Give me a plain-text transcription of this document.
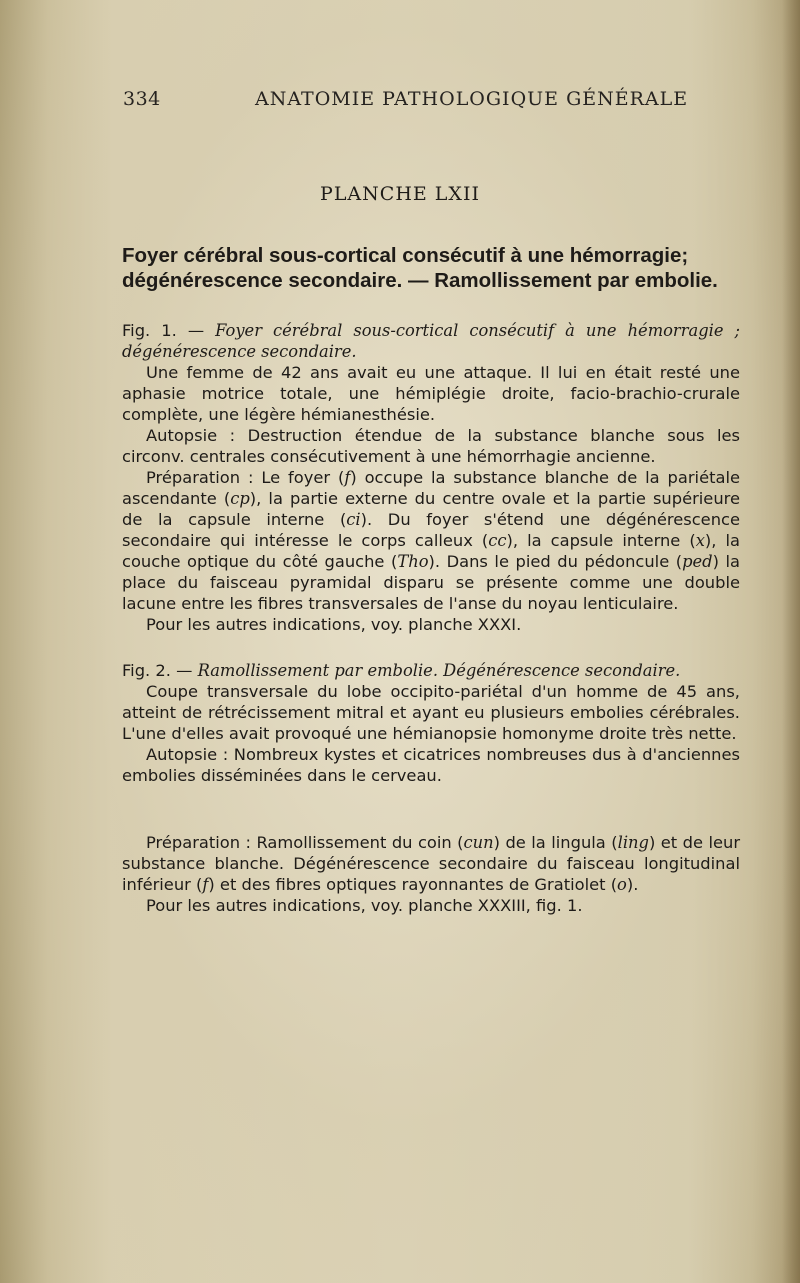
334	ANATOMIE PATHOLOGIQUE GÉNÉRALE
PLANCHE LXII
Foyer cérébral sous-cortical consécutif à une hémorragie;
dégénérescence secondaire. — Ramollissement par embolie.

Fig. 1. — Foyer cérébral sous-cortical consécutif à une hémorragie ; dégénérescence secondaire.

Une femme de 42 ans avait eu une attaque. Il lui en était resté une aphasie motrice totale, une hémiplégie droite, facio-brachio-crurale complète, une légère hémianesthésie.

Autopsie : Destruction étendue de la substance blanche sous les circonv. centrales consécutivement à une hémorrhagie ancienne.

Préparation : Le foyer (f) occupe la substance blanche de la pariétale ascendante (cp), la partie externe du centre ovale et la partie supérieure de la capsule interne (ci). Du foyer s'étend une dégénérescence secondaire qui intéresse le corps calleux (cc), la capsule interne (x), la couche optique du côté gauche (Tho). Dans le pied du pédoncule (ped) la place du faisceau pyramidal disparu se présente comme une double lacune entre les fibres transversales de l'anse du noyau lenticulaire.

Pour les autres indications, voy. planche XXXI.

Fig. 2. — Ramollissement par embolie. Dégénérescence secondaire.

Coupe transversale du lobe occipito-pariétal d'un homme de 45 ans, atteint de rétrécissement mitral et ayant eu plusieurs embolies cérébrales. L'une d'elles avait provoqué une hémianopsie homonyme droite très nette.

Autopsie : Nombreux kystes et cicatrices nombreuses dus à d'anciennes embolies disséminées dans le cerveau.

Préparation : Ramollissement du coin (cun) de la lingula (ling) et de leur substance blanche. Dégénérescence secondaire du faisceau longitudinal inférieur (f) et des fibres optiques rayonnantes de Gratiolet (o).

Pour les autres indications, voy. planche XXXIII, fig. 1.
